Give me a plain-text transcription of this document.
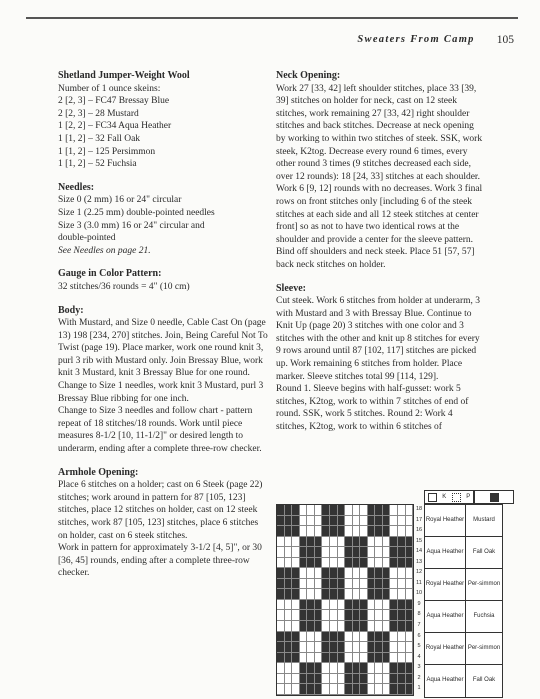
Sweaters From Camp 105
Shetland Jumper-Weight Wool
Number of 1 ounce skeins:
2 [2, 3] – FC47 Bressay Blue
2 [2, 3] – 28 Mustard
1 [2, 2] – FC34 Aqua Heather
1 [1, 2] – 32 Fall Oak
1 [1, 2] – 125 Persimmon
1 [1, 2] – 52 Fuchsia
Needles:
Size 0 (2 mm) 16 or 24" circular
Size 1 (2.25 mm) double-pointed needles
Size 3 (3.0 mm) 16 or 24" circular and
double-pointed
See Needles on page 21.
Gauge in Color Pattern:

32 stitches/36 rounds = 4" (10 cm)

Body:

With Mustard, and Size 0 needle, Cable Cast On (page 13) 198 [234, 270] stitches. Join, Being Careful Not To Twist (page 19). Place marker, work one round knit 3, purl 3 rib with Mustard only. Join Bressay Blue, work knit 3 Mustard, knit 3 Bressay Blue for one round. Change to Size 1 needles, work knit 3 Mustard, purl 3 Bressay Blue ribbing for one inch.

Change to Size 3 needles and follow chart - pattern repeat of 18 stitches/18 rounds. Work until piece measures 8-1/2 [10, 11-1/2]" or desired length to underarm, ending after a complete three-row checker.

Armhole Opening:

Place 6 stitches on a holder; cast on 6 Steek (page 22) stitches; work around in pattern for 87 [105, 123] stitches, place 12 stitches on holder, cast on 12 steek stitches, work 87 [105, 123] stitches, place 6 stitches on holder, cast on 6 steek stitches.

Work in pattern for approximately 3-1/2 [4, 5]", or 30 [36, 45] rounds, ending after a complete three-row checker.

Neck Opening:

Work 27 [33, 42] left shoulder stitches, place 33 [39, 39] stitches on holder for neck, cast on 12 steek stitches, work remaining 27 [33, 42] right shoulder stitches and back stitches. Decrease at neck opening by working to within two stitches of steek. SSK, work steek, K2tog. Decrease every round 6 times, every other round 3 times (9 stitches decreased each side, over 12 rounds): 18 [24, 33] stitches at each shoulder. Work 6 [9, 12] rounds with no decreases. Work 3 final rows on front stitches only [including 6 of the steek stitches at each side and all 12 steek stitches at center front] so as not to have two identical rows at the shoulder and provide a center for the sleeve pattern. Bind off shoulders and neck steek. Place 51 [57, 57] back neck stitches on holder.

Sleeve:

Cut steek. Work 6 stitches from holder at underarm, 3 with Mustard and 3 with Bressay Blue. Continue to Knit Up (page 20) 3 stitches with one color and 3 stitches with the other and knit up 8 stitches for every 9 rows around until 87 [102, 117] stitches are picked up. Work remaining 6 stitches from holder. Place marker. Sleeve stitches total 99 [114, 129].

Round 1. Sleeve begins with half-gusset: work 5 stitches, K2tog, work to within 7 stitches of end of round. SSK, work 5 stitches. Round 2: Work 4 stitches, K2tog, work to within 6 stitches of

18
17
16
15
14
13
12
11
10
9
8
7
6
5
4
3
2
1
K	P
Royal Heather
Aqua Heather
Royal Heather
Aqua Heather
Royal Heather
Aqua Heather
Mustard
Fall Oak
Per-simmon
Fuchsia
Per-simmon
Fall Oak
